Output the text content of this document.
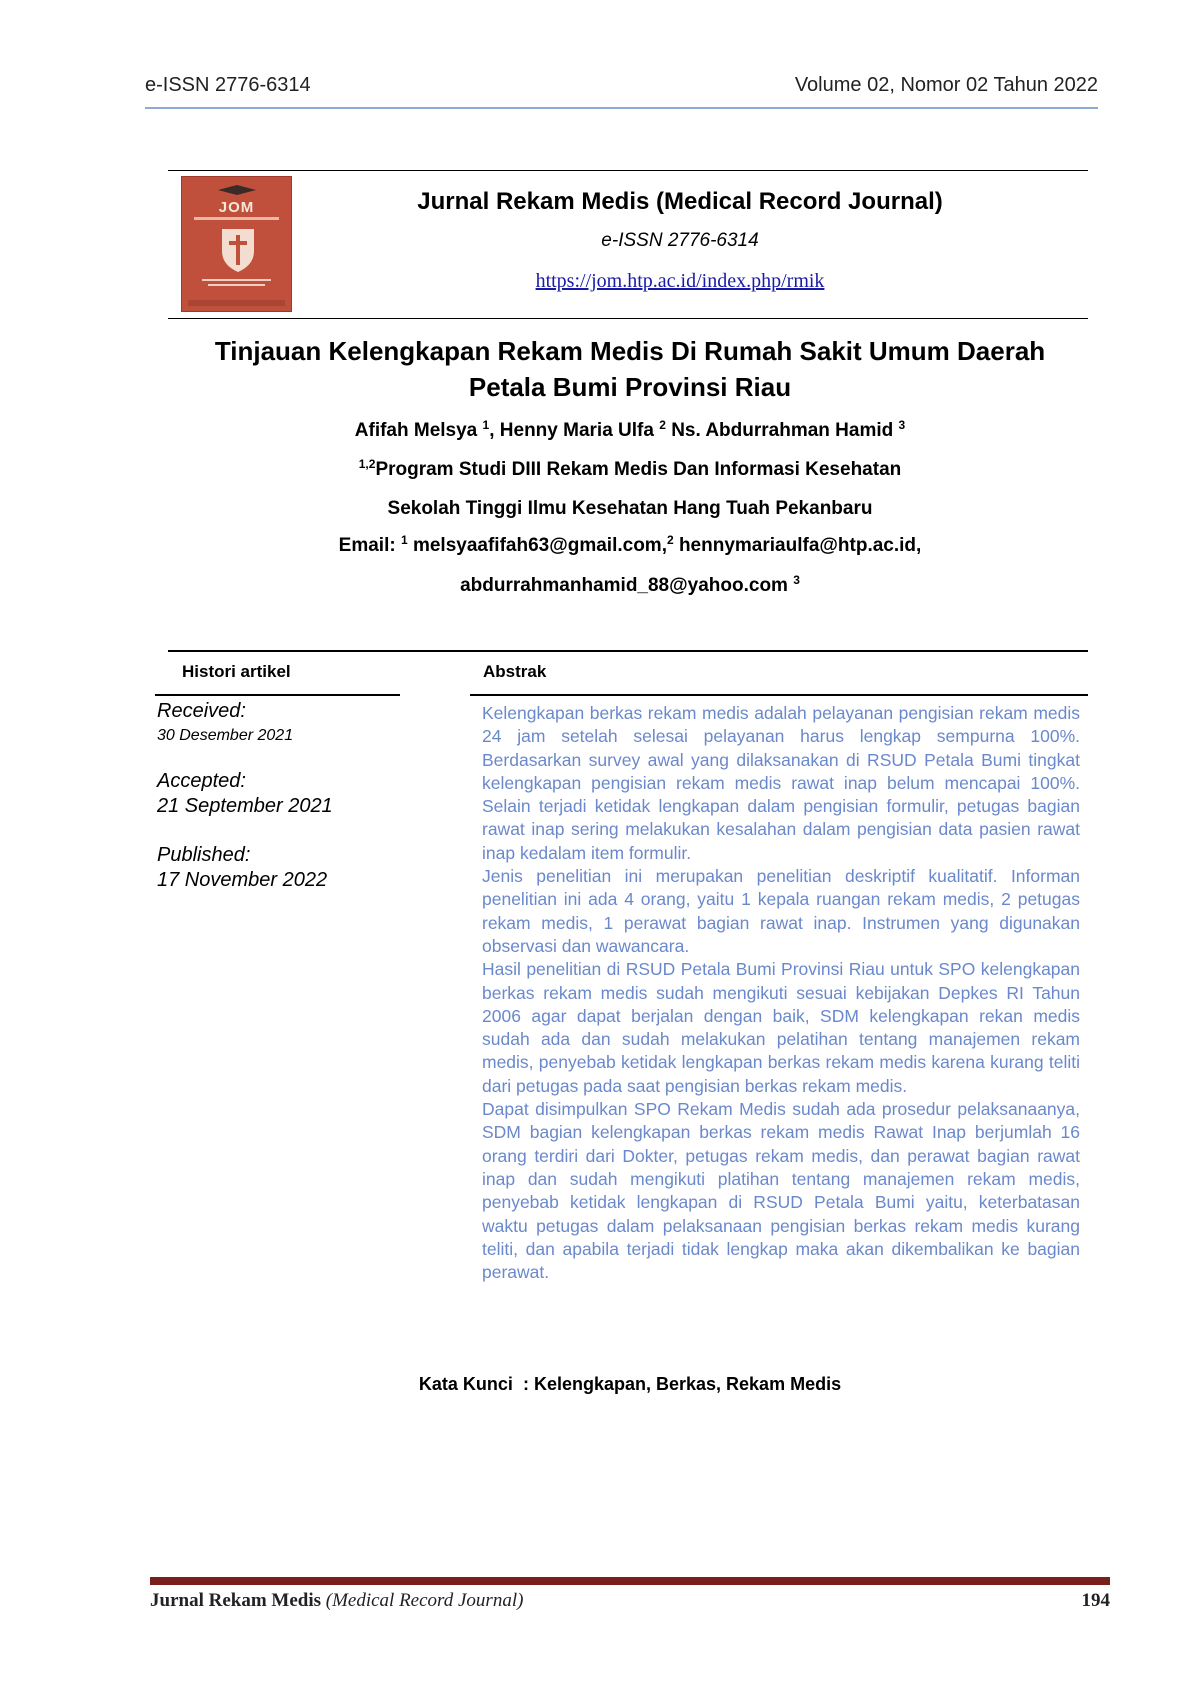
e-ISSN 2776-6314	Volume 02, Nomor 02 Tahun 2022
JOM	Jurnal Rekam Medis (Medical Record Journal)
e-ISSN 2776-6314
https://jom.htp.ac.id/index.php/rmik
Tinjauan Kelengkapan Rekam Medis Di Rumah Sakit Umum Daerah
Petala Bumi Provinsi Riau
Afifah Melsya $^1$, Henny Maria Ulfa $^2$ Ns. Abdurrahman Hamid $^3$
$^{1,2}$Program Studi DIII Rekam Medis Dan Informasi Kesehatan
Sekolah Tinggi Ilmu Kesehatan Hang Tuah Pekanbaru
Email: $^1$ melsyaafifah63@gmail.com,$^2$ hennymariaulfa@htp.ac.id,
abdurrahmanhamid_88@yahoo.com $^3$
Histori artikel	Abstrak
Received:
30 Desember 2021
Accepted:
21 September 2021
Published:
17 November 2022

Kelengkapan berkas rekam medis adalah pelayanan pengisian rekam medis 24 jam setelah selesai pelayanan harus lengkap sempurna 100%. Berdasarkan survey awal yang dilaksanakan di RSUD Petala Bumi tingkat kelengkapan pengisian rekam medis rawat inap belum mencapai 100%. Selain terjadi ketidak lengkapan dalam pengisian formulir, petugas bagian rawat inap sering melakukan kesalahan dalam pengisian data pasien rawat inap kedalam item formulir.

Jenis penelitian ini merupakan penelitian deskriptif kualitatif. Informan penelitian ini ada 4 orang, yaitu 1 kepala ruangan rekam medis, 2 petugas rekam medis, 1 perawat bagian rawat inap. Instrumen yang digunakan observasi dan wawancara.

Hasil penelitian di RSUD Petala Bumi Provinsi Riau untuk SPO kelengkapan berkas rekam medis sudah mengikuti sesuai kebijakan Depkes RI Tahun 2006 agar dapat berjalan dengan baik, SDM kelengkapan rekan medis sudah ada dan sudah melakukan pelatihan tentang manajemen rekam medis, penyebab ketidak lengkapan berkas rekam medis karena kurang teliti dari petugas pada saat pengisian berkas rekam medis.

Dapat disimpulkan SPO Rekam Medis sudah ada prosedur pelaksanaanya, SDM bagian kelengkapan berkas rekam medis Rawat Inap berjumlah 16 orang terdiri dari Dokter, petugas rekam medis, dan perawat bagian rawat inap dan sudah mengikuti platihan tentang manajemen rekam medis, penyebab ketidak lengkapan di RSUD Petala Bumi yaitu, keterbatasan waktu petugas dalam pelaksanaan pengisian berkas rekam medis kurang teliti, dan apabila terjadi tidak lengkap maka akan dikembalikan ke bagian perawat.

Kata Kunci : Kelengkapan, Berkas, Rekam Medis
Jurnal Rekam Medis (Medical Record Journal)	194
